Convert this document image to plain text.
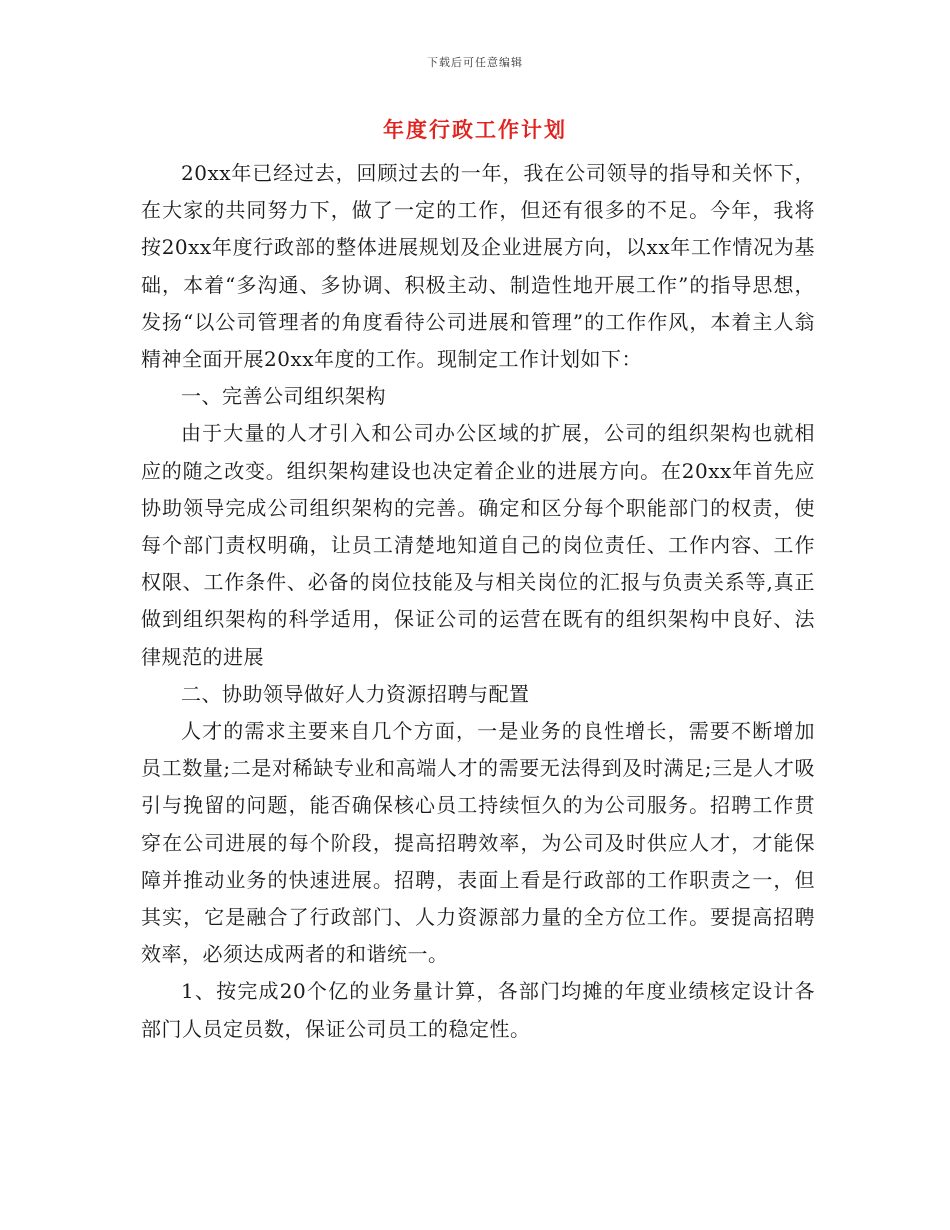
下载后可任意编辑
年度行政工作计划

20xx年已经过去，回顾过去的一年，我在公司领导的指导和关怀下，在大家的共同努力下，做了一定的工作，但还有很多的不足。今年，我将按20xx年度行政部的整体进展规划及企业进展方向，以xx年工作情况为基础，本着“多沟通、多协调、积极主动、制造性地开展工作”的指导思想，发扬“以公司管理者的角度看待公司进展和管理”的工作作风，本着主人翁精神全面开展20xx年度的工作。现制定工作计划如下：

一、完善公司组织架构

由于大量的人才引入和公司办公区域的扩展，公司的组织架构也就相应的随之改变。组织架构建设也决定着企业的进展方向。在20xx年首先应协助领导完成公司组织架构的完善。确定和区分每个职能部门的权责，使每个部门责权明确，让员工清楚地知道自己的岗位责任、工作内容、工作权限、工作条件、必备的岗位技能及与相关岗位的汇报与负责关系等,真正做到组织架构的科学适用，保证公司的运营在既有的组织架构中良好、法律规范的进展

二、协助领导做好人力资源招聘与配置

人才的需求主要来自几个方面，一是业务的良性增长，需要不断增加员工数量;二是对稀缺专业和高端人才的需要无法得到及时满足;三是人才吸引与挽留的问题，能否确保核心员工持续恒久的为公司服务。招聘工作贯穿在公司进展的每个阶段，提高招聘效率，为公司及时供应人才，才能保障并推动业务的快速进展。招聘，表面上看是行政部的工作职责之一，但其实，它是融合了行政部门、人力资源部力量的全方位工作。要提高招聘效率，必须达成两者的和谐统一。

1、按完成20个亿的业务量计算，各部门均摊的年度业绩核定设计各部门人员定员数，保证公司员工的稳定性。
